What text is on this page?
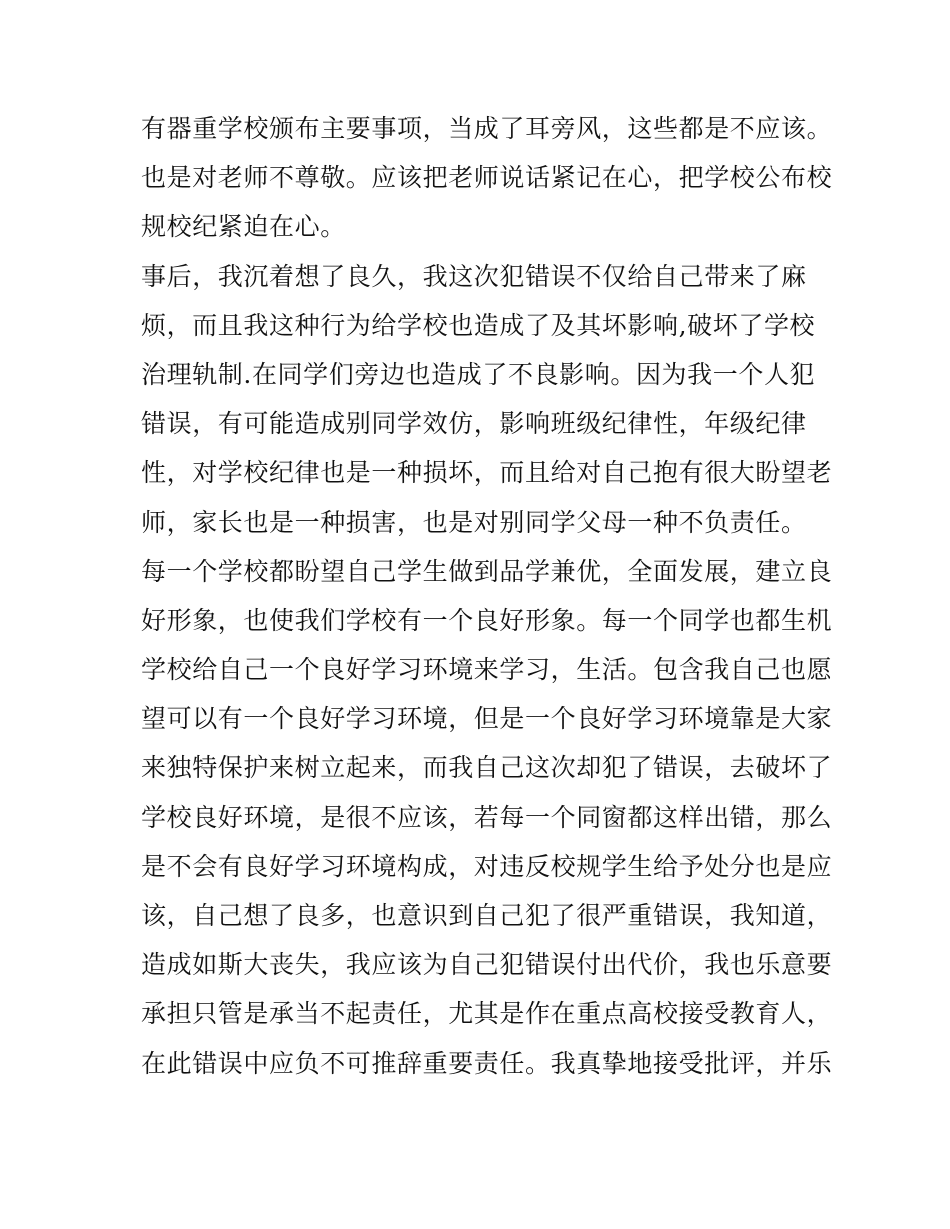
有器重学校颁布主要事项，当成了耳旁风，这些都是不应该。
也是对老师不尊敬。应该把老师说话紧记在心，把学校公布校
规校纪紧迫在心。
事后，我沉着想了良久，我这次犯错误不仅给自己带来了麻
烦，而且我这种行为给学校也造成了及其坏影响,破坏了学校
治理轨制.在同学们旁边也造成了不良影响。因为我一个人犯
错误，有可能造成别同学效仿，影响班级纪律性，年级纪律
性，对学校纪律也是一种损坏，而且给对自己抱有很大盼望老
师，家长也是一种损害，也是对别同学父母一种不负责任。
每一个学校都盼望自己学生做到品学兼优，全面发展，建立良
好形象，也使我们学校有一个良好形象。每一个同学也都生机
学校给自己一个良好学习环境来学习，生活。包含我自己也愿
望可以有一个良好学习环境，但是一个良好学习环境靠是大家
来独特保护来树立起来，而我自己这次却犯了错误，去破坏了
学校良好环境，是很不应该，若每一个同窗都这样出错，那么
是不会有良好学习环境构成，对违反校规学生给予处分也是应
该，自己想了良多，也意识到自己犯了很严重错误，我知道，
造成如斯大丧失，我应该为自己犯错误付出代价，我也乐意要
承担只管是承当不起责任，尤其是作在重点高校接受教育人，
在此错误中应负不可推辞重要责任。我真挚地接受批评，并乐
